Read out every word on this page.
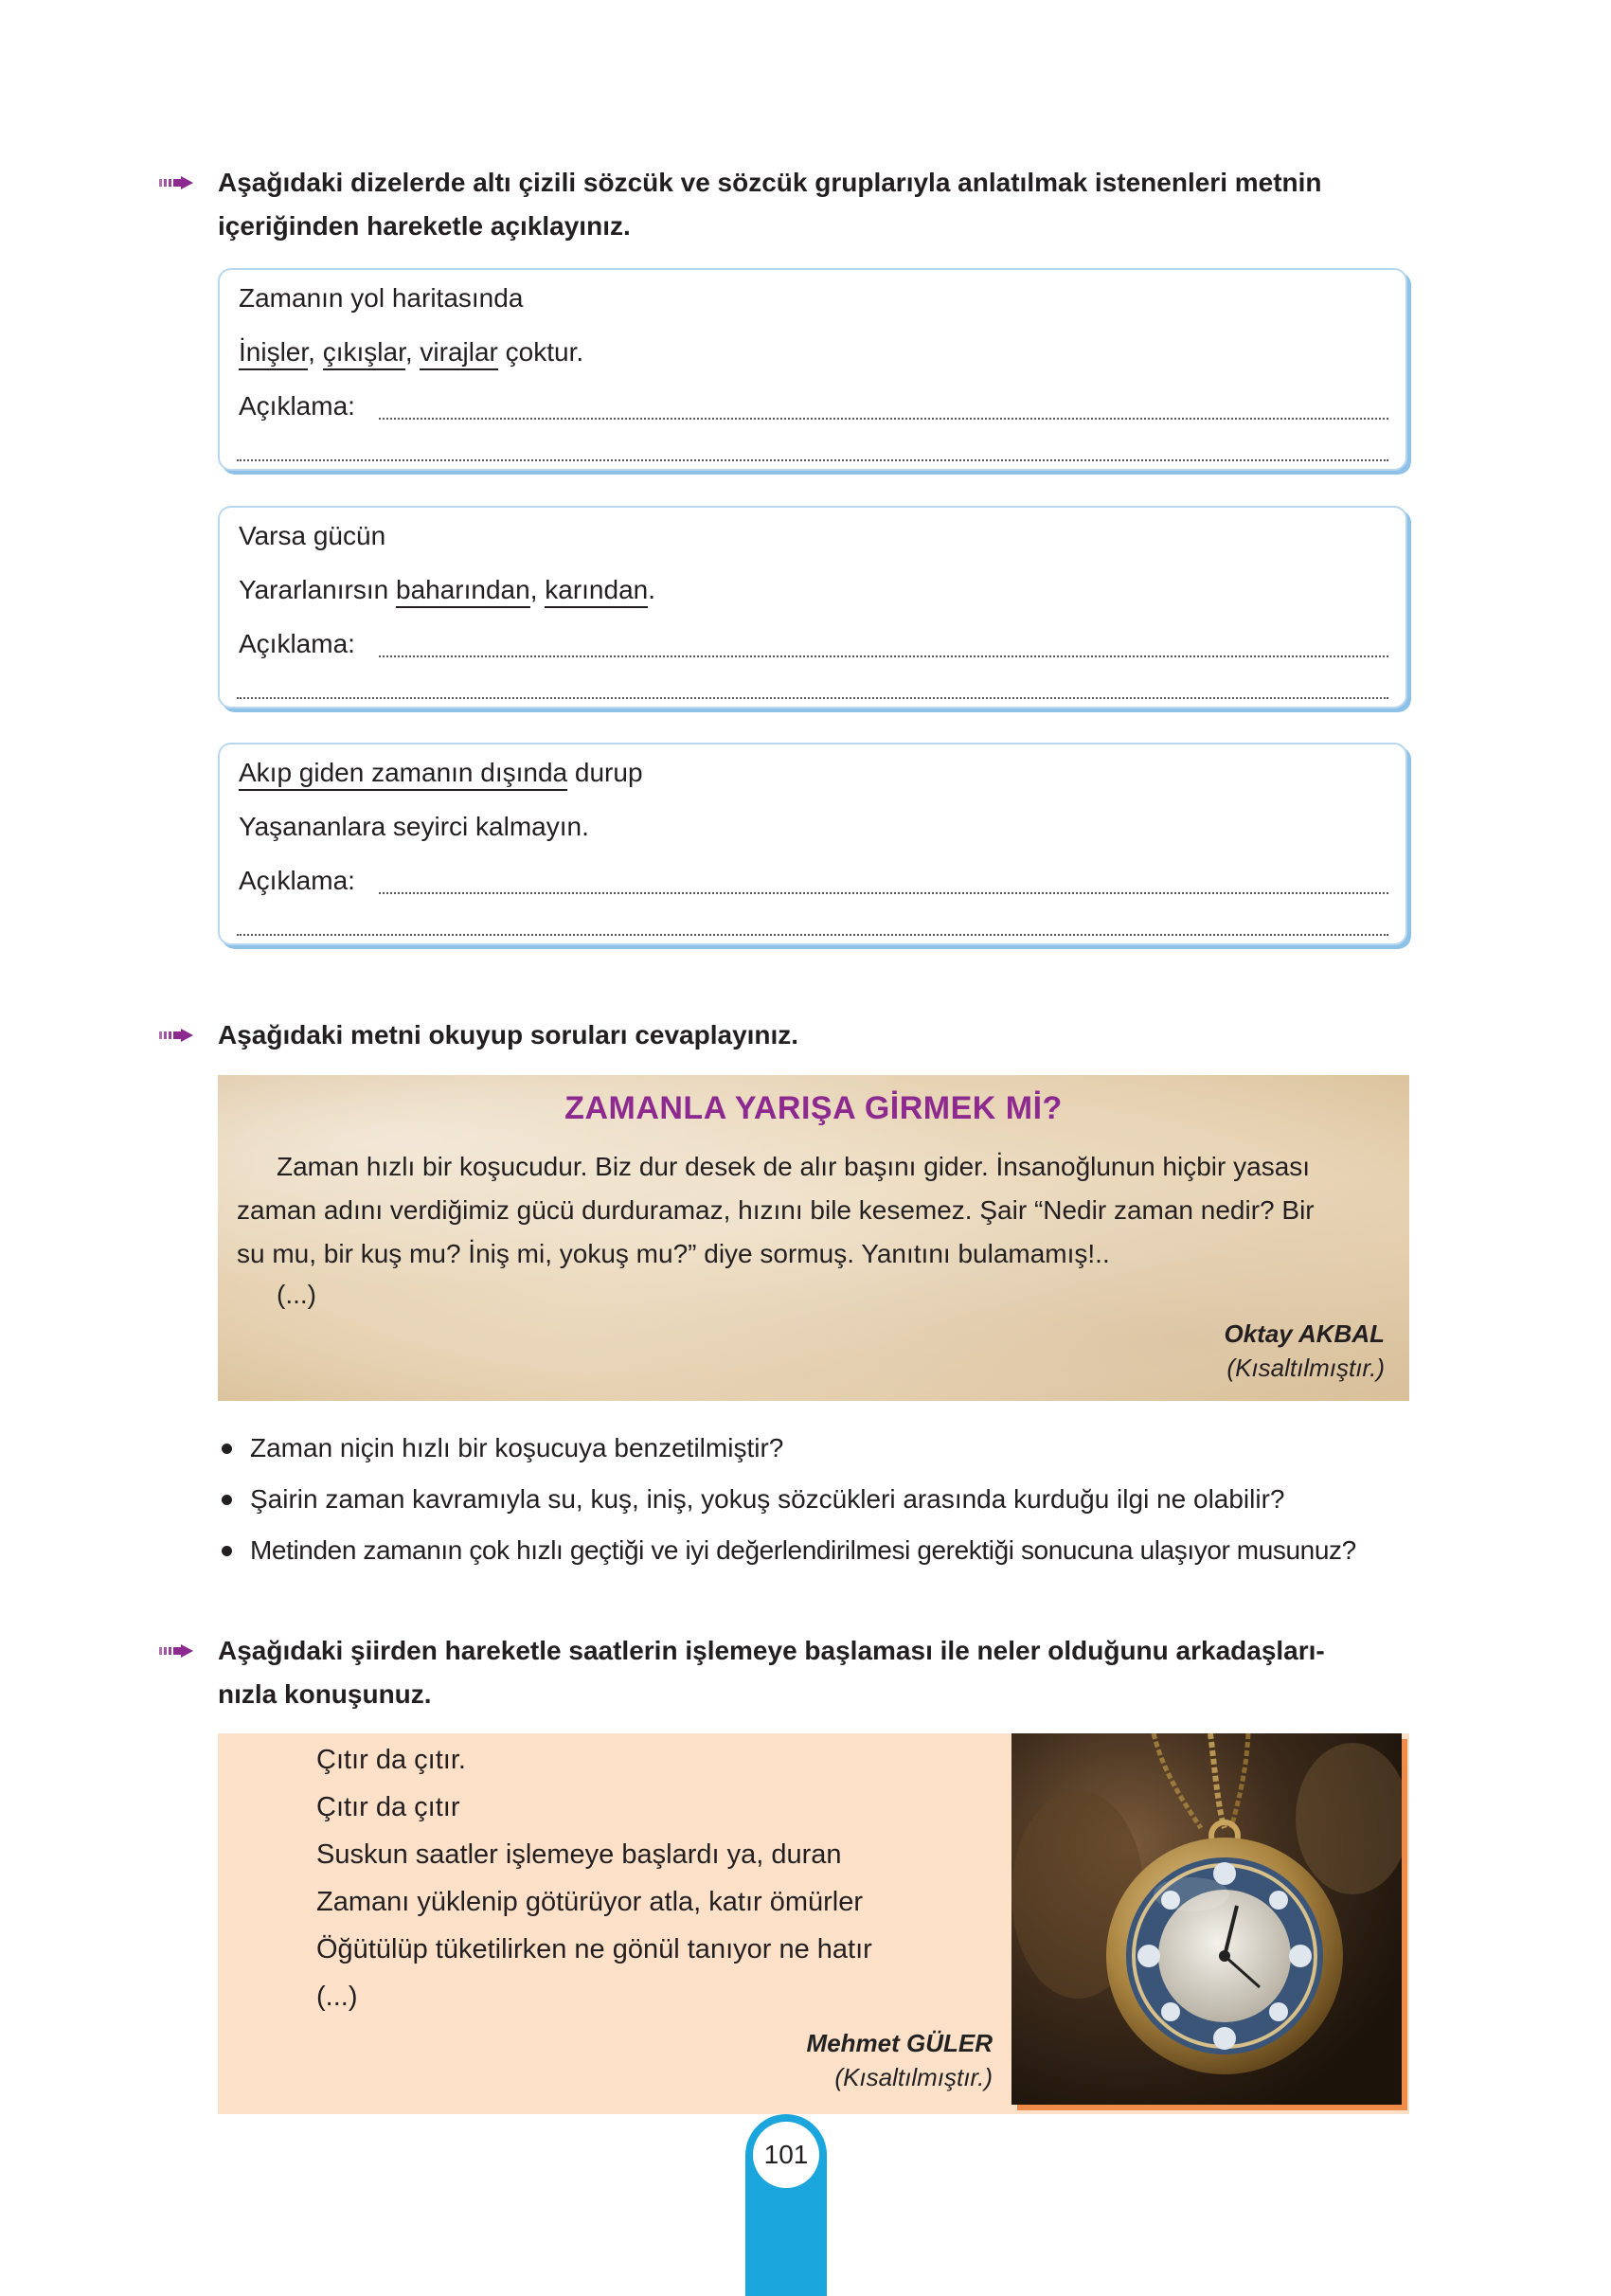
Aşağıdaki dizelerde altı çizili sözcük ve sözcük gruplarıyla anlatılmak istenenleri metnin
içeriğinden hareketle açıklayınız.
Zamanın yol haritasında
İnişler, çıkışlar, virajlar çoktur.
Açıklama:
Varsa gücün
Yararlanırsın baharından, karından.
Açıklama:
Akıp giden zamanın dışında durup
Yaşananlara seyirci kalmayın.
Açıklama:
Aşağıdaki metni okuyup soruları cevaplayınız.
ZAMANLA YARIŞA GİRMEK Mİ?
Zaman hızlı bir koşucudur. Biz dur desek de alır başını gider. İnsanoğlunun hiçbir yasası
zaman adını verdiğimiz gücü durduramaz, hızını bile kesemez. Şair “Nedir zaman nedir? Bir
su mu, bir kuş mu? İniş mi, yokuş mu?” diye sormuş. Yanıtını bulamamış!..
(...)
Oktay AKBAL
(Kısaltılmıştır.)
Zaman niçin hızlı bir koşucuya benzetilmiştir?
Şairin zaman kavramıyla su, kuş, iniş, yokuş sözcükleri arasında kurduğu ilgi ne olabilir?
Metinden zamanın çok hızlı geçtiği ve iyi değerlendirilmesi gerektiği sonucuna ulaşıyor musunuz?
Aşağıdaki şiirden hareketle saatlerin işlemeye başlaması ile neler olduğunu arkadaşları-
nızla konuşunuz.
Çıtır da çıtır.
Çıtır da çıtır
Suskun saatler işlemeye başlardı ya, duran
Zamanı yüklenip götürüyor atla, katır ömürler
Öğütülüp tüketilirken ne gönül tanıyor ne hatır
(...)
Mehmet GÜLER
(Kısaltılmıştır.)
101
